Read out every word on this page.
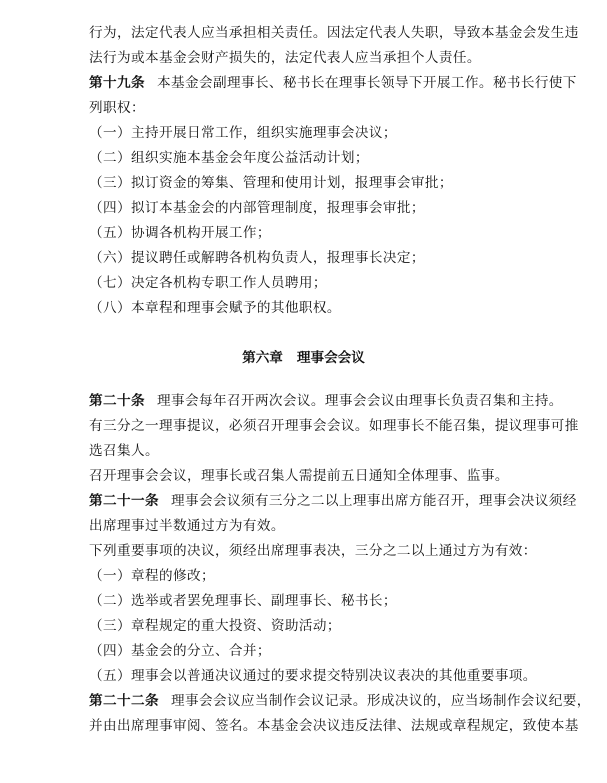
行为，法定代表人应当承担相关责任。因法定代表人失职，导致本基金会发生违
法行为或本基金会财产损失的，法定代表人应当承担个人责任。
第十九条 本基金会副理事长、秘书长在理事长领导下开展工作。秘书长行使下
列职权：
（一）主持开展日常工作，组织实施理事会决议；
（二）组织实施本基金会年度公益活动计划；
（三）拟订资金的筹集、管理和使用计划，报理事会审批；
（四）拟订本基金会的内部管理制度，报理事会审批；
（五）协调各机构开展工作；
（六）提议聘任或解聘各机构负责人，报理事长决定；
（七）决定各机构专职工作人员聘用；
（八）本章程和理事会赋予的其他职权。
第六章 理事会会议
第二十条 理事会每年召开两次会议。理事会会议由理事长负责召集和主持。
有三分之一理事提议，必须召开理事会会议。如理事长不能召集，提议理事可推
选召集人。
召开理事会会议，理事长或召集人需提前五日通知全体理事、监事。
第二十一条 理事会会议须有三分之二以上理事出席方能召开，理事会决议须经
出席理事过半数通过方为有效。
下列重要事项的决议，须经出席理事表决，三分之二以上通过方为有效：
（一）章程的修改；
（二）选举或者罢免理事长、副理事长、秘书长；
（三）章程规定的重大投资、资助活动；
（四）基金会的分立、合并；
（五）理事会以普通决议通过的要求提交特别决议表决的其他重要事项。
第二十二条 理事会会议应当制作会议记录。形成决议的，应当场制作会议纪要，
并由出席理事审阅、签名。本基金会决议违反法律、法规或章程规定，致使本基
